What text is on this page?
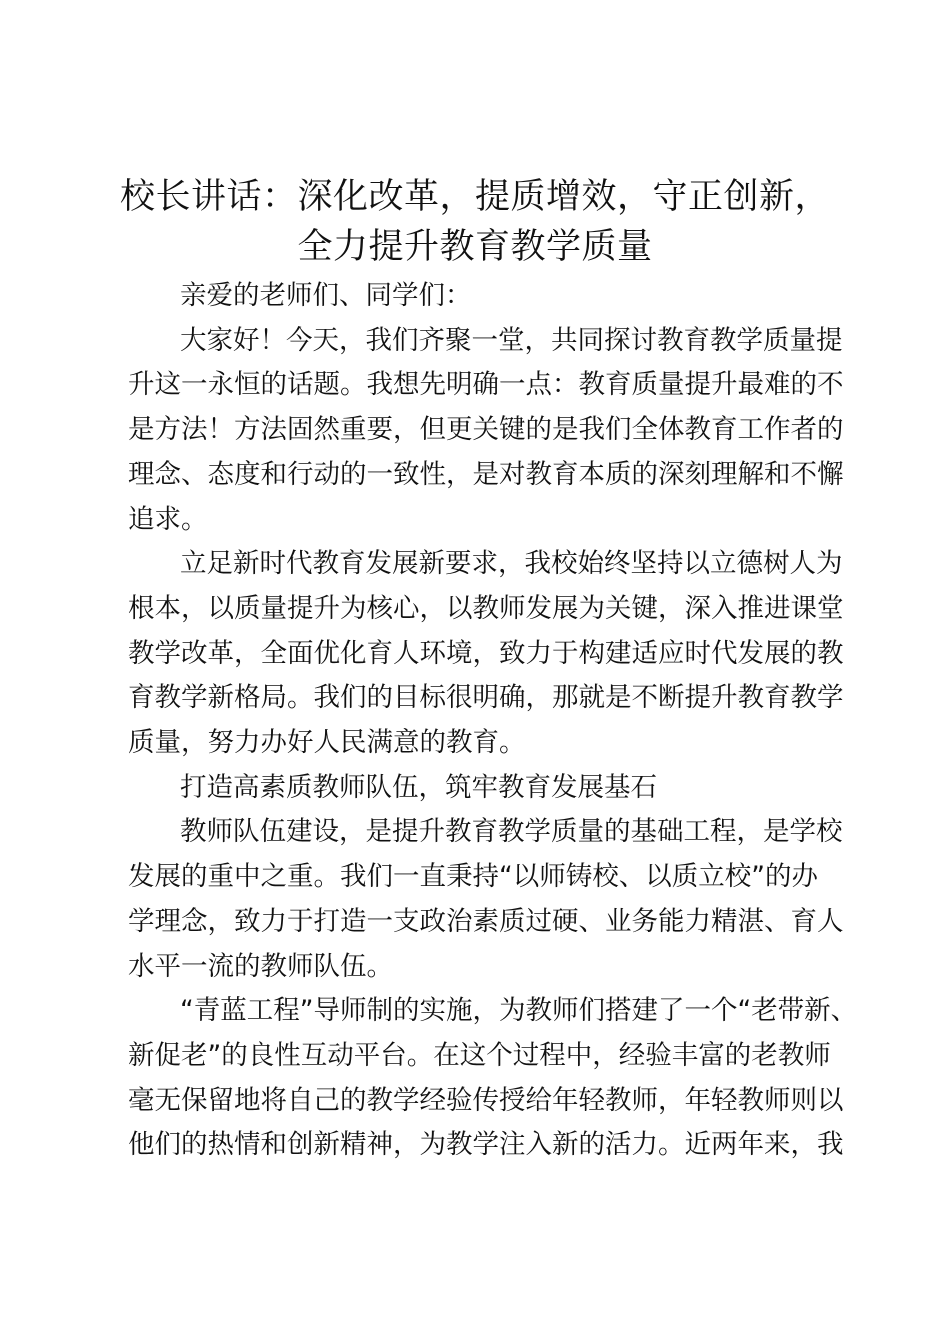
校长讲话：深化改革，提质增效，守正创新，
全力提升教育教学质量

亲爱的老师们、同学们：

大家好！今天，我们齐聚一堂，共同探讨教育教学质量提
升这一永恒的话题。我想先明确一点：教育质量提升最难的不
是方法！方法固然重要，但更关键的是我们全体教育工作者的
理念、态度和行动的一致性，是对教育本质的深刻理解和不懈
追求。

立足新时代教育发展新要求，我校始终坚持以立德树人为
根本，以质量提升为核心，以教师发展为关键，深入推进课堂
教学改革，全面优化育人环境，致力于构建适应时代发展的教
育教学新格局。我们的目标很明确，那就是不断提升教育教学
质量，努力办好人民满意的教育。

打造高素质教师队伍，筑牢教育发展基石

教师队伍建设，是提升教育教学质量的基础工程，是学校
发展的重中之重。我们一直秉持“以师铸校、以质立校”的办
学理念，致力于打造一支政治素质过硬、业务能力精湛、育人
水平一流的教师队伍。

“青蓝工程”导师制的实施，为教师们搭建了一个“老带新、
新促老”的良性互动平台。在这个过程中，经验丰富的老教师
毫无保留地将自己的教学经验传授给年轻教师，年轻教师则以
他们的热情和创新精神，为教学注入新的活力。近两年来，我
